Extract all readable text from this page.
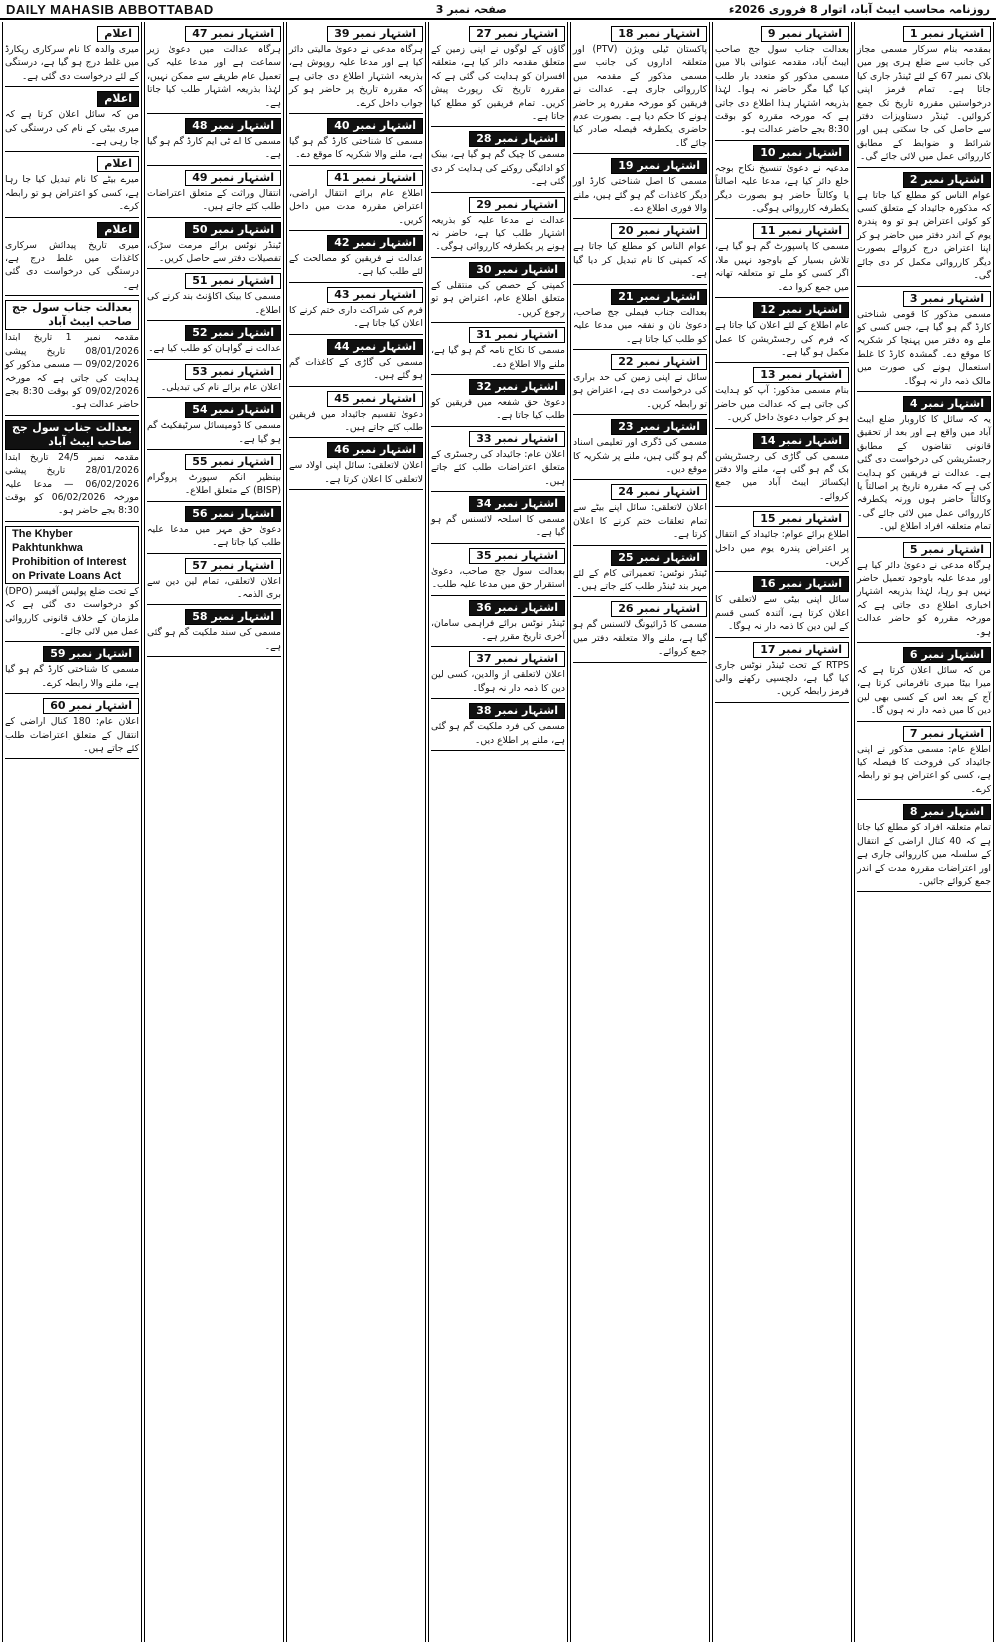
DAILY MAHASIB ABBOTTABAD	صفحہ نمبر 3	روزنامہ محاسب ایبٹ آباد، اتوار 8 فروری 2026ء
اشتہار نمبر 1
بمقدمہ بنام سرکار مسمی مجاز کی جانب سے ضلع ہری پور میں بلاک نمبر 67 کے لئے ٹینڈر جاری کیا جاتا ہے۔ تمام فرمز اپنی درخواستیں مقررہ تاریخ تک جمع کروائیں۔ ٹینڈر دستاویزات دفتر سے حاصل کی جا سکتی ہیں اور شرائط و ضوابط کے مطابق کارروائی عمل میں لائی جائے گی۔
اشتہار نمبر 2
عوام الناس کو مطلع کیا جاتا ہے کہ مذکورہ جائیداد کے متعلق کسی کو کوئی اعتراض ہو تو وہ پندرہ یوم کے اندر دفتر میں حاضر ہو کر اپنا اعتراض درج کروائے بصورت دیگر کارروائی مکمل کر دی جائے گی۔
اشتہار نمبر 3
مسمی مذکور کا قومی شناختی کارڈ گم ہو گیا ہے، جس کسی کو ملے وہ دفتر میں پہنچا کر شکریہ کا موقع دے۔ گمشدہ کارڈ کا غلط استعمال ہونے کی صورت میں مالک ذمہ دار نہ ہوگا۔
اشتہار نمبر 4
یہ کہ سائل کا کاروبار ضلع ایبٹ آباد میں واقع ہے اور بعد از تحقیق قانونی تقاضوں کے مطابق رجسٹریشن کی درخواست دی گئی ہے۔ عدالت نے فریقین کو ہدایت کی ہے کہ مقررہ تاریخ پر اصالتاً یا وکالتاً حاضر ہوں ورنہ یکطرفہ کارروائی عمل میں لائی جائے گی۔ تمام متعلقہ افراد اطلاع لیں۔
اشتہار نمبر 5
ہرگاہ مدعی نے دعویٰ دائر کیا ہے اور مدعا علیہ باوجود تعمیل حاضر نہیں ہو رہا، لہٰذا بذریعہ اشتہار اخباری اطلاع دی جاتی ہے کہ مورخہ مقررہ کو حاضر عدالت ہو۔
اشتہار نمبر 6
من کہ سائل اعلان کرتا ہے کہ میرا بیٹا میری نافرمانی کرتا ہے، آج کے بعد اس کے کسی بھی لین دین کا میں ذمہ دار نہ ہوں گا۔
اشتہار نمبر 7
اطلاع عام: مسمی مذکور نے اپنی جائیداد کی فروخت کا فیصلہ کیا ہے، کسی کو اعتراض ہو تو رابطہ کرے۔
اشتہار نمبر 8
تمام متعلقہ افراد کو مطلع کیا جاتا ہے کہ 40 کنال اراضی کے انتقال کے سلسلہ میں کارروائی جاری ہے اور اعتراضات مقررہ مدت کے اندر جمع کروائے جائیں۔
اشتہار نمبر 9
بعدالت جناب سول جج صاحب ایبٹ آباد، مقدمہ عنوانی بالا میں مسمی مذکور کو متعدد بار طلب کیا گیا مگر حاضر نہ ہوا۔ لہٰذا بذریعہ اشتہار ہذا اطلاع دی جاتی ہے کہ مورخہ مقررہ کو بوقت 8:30 بجے حاضر عدالت ہو۔
اشتہار نمبر 10
مدعیہ نے دعویٰ تنسیخ نکاح بوجہ خلع دائر کیا ہے، مدعا علیہ اصالتاً یا وکالتاً حاضر ہو بصورت دیگر یکطرفہ کارروائی ہوگی۔
اشتہار نمبر 11
مسمی کا پاسپورٹ گم ہو گیا ہے، تلاش بسیار کے باوجود نہیں ملا، اگر کسی کو ملے تو متعلقہ تھانہ میں جمع کروا دے۔
اشتہار نمبر 12
عام اطلاع کے لئے اعلان کیا جاتا ہے کہ فرم کی رجسٹریشن کا عمل مکمل ہو گیا ہے۔
اشتہار نمبر 13
بنام مسمی مذکور: آپ کو ہدایت کی جاتی ہے کہ عدالت میں حاضر ہو کر جواب دعویٰ داخل کریں۔
اشتہار نمبر 14
مسمی کی گاڑی کی رجسٹریشن بک گم ہو گئی ہے، ملنے والا دفتر ایکسائز ایبٹ آباد میں جمع کروائے۔
اشتہار نمبر 15
اطلاع برائے عوام: جائیداد کے انتقال پر اعتراض پندرہ یوم میں داخل کریں۔
اشتہار نمبر 16
سائل اپنی بیٹی سے لاتعلقی کا اعلان کرتا ہے، آئندہ کسی قسم کے لین دین کا ذمہ دار نہ ہوگا۔
اشتہار نمبر 17
RTPS کے تحت ٹینڈر نوٹس جاری کیا گیا ہے، دلچسپی رکھنے والی فرمز رابطہ کریں۔
اشتہار نمبر 18
پاکستان ٹیلی ویژن (PTV) اور متعلقہ اداروں کی جانب سے مسمی مذکور کے مقدمہ میں کارروائی جاری ہے۔ عدالت نے فریقین کو مورخہ مقررہ پر حاضر ہونے کا حکم دیا ہے۔ بصورت عدم حاضری یکطرفہ فیصلہ صادر کیا جائے گا۔
اشتہار نمبر 19
مسمی کا اصل شناختی کارڈ اور دیگر کاغذات گم ہو گئے ہیں، ملنے والا فوری اطلاع دے۔
اشتہار نمبر 20
عوام الناس کو مطلع کیا جاتا ہے کہ کمپنی کا نام تبدیل کر دیا گیا ہے۔
اشتہار نمبر 21
بعدالت جناب فیملی جج صاحب، دعویٰ نان و نفقہ میں مدعا علیہ کو طلب کیا جاتا ہے۔
اشتہار نمبر 22
سائل نے اپنی زمین کی حد براری کی درخواست دی ہے، اعتراض ہو تو رابطہ کریں۔
اشتہار نمبر 23
مسمی کی ڈگری اور تعلیمی اسناد گم ہو گئی ہیں، ملنے پر شکریہ کا موقع دیں۔
اشتہار نمبر 24
اعلان لاتعلقی: سائل اپنے بیٹے سے تمام تعلقات ختم کرنے کا اعلان کرتا ہے۔
اشتہار نمبر 25
ٹینڈر نوٹس: تعمیراتی کام کے لئے مہر بند ٹینڈر طلب کئے جاتے ہیں۔
اشتہار نمبر 26
مسمی کا ڈرائیونگ لائسنس گم ہو گیا ہے، ملنے والا متعلقہ دفتر میں جمع کروائے۔
اشتہار نمبر 27
گاؤں کے لوگوں نے اپنی زمین کے متعلق مقدمہ دائر کیا ہے، متعلقہ افسران کو ہدایت کی گئی ہے کہ مقررہ تاریخ تک رپورٹ پیش کریں۔ تمام فریقین کو مطلع کیا جاتا ہے۔
اشتہار نمبر 28
مسمی کا چیک گم ہو گیا ہے، بینک کو ادائیگی روکنے کی ہدایت کر دی گئی ہے۔
اشتہار نمبر 29
عدالت نے مدعا علیہ کو بذریعہ اشتہار طلب کیا ہے، حاضر نہ ہونے پر یکطرفہ کارروائی ہوگی۔
اشتہار نمبر 30
کمپنی کے حصص کی منتقلی کے متعلق اطلاع عام، اعتراض ہو تو رجوع کریں۔
اشتہار نمبر 31
مسمی کا نکاح نامہ گم ہو گیا ہے، ملنے والا اطلاع دے۔
اشتہار نمبر 32
دعویٰ حق شفعہ میں فریقین کو طلب کیا جاتا ہے۔
اشتہار نمبر 33
اعلان عام: جائیداد کی رجسٹری کے متعلق اعتراضات طلب کئے جاتے ہیں۔
اشتہار نمبر 34
مسمی کا اسلحہ لائسنس گم ہو گیا ہے۔
اشتہار نمبر 35
بعدالت سول جج صاحب، دعویٰ استقرار حق میں مدعا علیہ طلب۔
اشتہار نمبر 36
ٹینڈر نوٹس برائے فراہمی سامان، آخری تاریخ مقرر ہے۔
اشتہار نمبر 37
اعلان لاتعلقی از والدین، کسی لین دین کا ذمہ دار نہ ہوگا۔
اشتہار نمبر 38
مسمی کی فرد ملکیت گم ہو گئی ہے، ملنے پر اطلاع دیں۔
اشتہار نمبر 39
ہرگاہ مدعی نے دعویٰ مالیتی دائر کیا ہے اور مدعا علیہ روپوش ہے، بذریعہ اشتہار اطلاع دی جاتی ہے کہ مقررہ تاریخ پر حاضر ہو کر جواب داخل کرے۔
اشتہار نمبر 40
مسمی کا شناختی کارڈ گم ہو گیا ہے، ملنے والا شکریہ کا موقع دے۔
اشتہار نمبر 41
اطلاع عام برائے انتقال اراضی، اعتراض مقررہ مدت میں داخل کریں۔
اشتہار نمبر 42
عدالت نے فریقین کو مصالحت کے لئے طلب کیا ہے۔
اشتہار نمبر 43
فرم کی شراکت داری ختم کرنے کا اعلان کیا جاتا ہے۔
اشتہار نمبر 44
مسمی کی گاڑی کے کاغذات گم ہو گئے ہیں۔
اشتہار نمبر 45
دعویٰ تقسیم جائیداد میں فریقین طلب کئے جاتے ہیں۔
اشتہار نمبر 46
اعلان لاتعلقی: سائل اپنی اولاد سے لاتعلقی کا اعلان کرتا ہے۔
اشتہار نمبر 47
ہرگاہ عدالت میں دعویٰ زیر سماعت ہے اور مدعا علیہ کی تعمیل عام طریقے سے ممکن نہیں، لہٰذا بذریعہ اشتہار طلب کیا جاتا ہے۔
اشتہار نمبر 48
مسمی کا اے ٹی ایم کارڈ گم ہو گیا ہے۔
اشتہار نمبر 49
انتقال وراثت کے متعلق اعتراضات طلب کئے جاتے ہیں۔
اشتہار نمبر 50
ٹینڈر نوٹس برائے مرمت سڑک، تفصیلات دفتر سے حاصل کریں۔
اشتہار نمبر 51
مسمی کا بینک اکاؤنٹ بند کرنے کی اطلاع۔
اشتہار نمبر 52
عدالت نے گواہان کو طلب کیا ہے۔
اشتہار نمبر 53
اعلان عام برائے نام کی تبدیلی۔
اشتہار نمبر 54
مسمی کا ڈومیسائل سرٹیفکیٹ گم ہو گیا ہے۔
اشتہار نمبر 55
بینظیر انکم سپورٹ پروگرام (BISP) کے متعلق اطلاع۔
اشتہار نمبر 56
دعویٰ حق مہر میں مدعا علیہ طلب کیا جاتا ہے۔
اشتہار نمبر 57
اعلان لاتعلقی، تمام لین دین سے بری الذمہ۔
اشتہار نمبر 58
مسمی کی سند ملکیت گم ہو گئی ہے۔
اعلام
میری والدہ کا نام سرکاری ریکارڈ میں غلط درج ہو گیا ہے، درستگی کے لئے درخواست دی گئی ہے۔
اعلام
من کہ سائل اعلان کرتا ہے کہ میری بیٹی کے نام کی درستگی کی جا رہی ہے۔
اعلام
میرے بیٹے کا نام تبدیل کیا جا رہا ہے، کسی کو اعتراض ہو تو رابطہ کرے۔
اعلام
میری تاریخ پیدائش سرکاری کاغذات میں غلط درج ہے، درستگی کی درخواست دی گئی ہے۔
بعدالت جناب سول جج صاحب ایبٹ آباد
مقدمہ نمبر 1 تاریخ ابتدا 08/01/2026 تاریخ پیشی 09/02/2026 — مسمی مذکور کو ہدایت کی جاتی ہے کہ مورخہ 09/02/2026 کو بوقت 8:30 بجے حاضر عدالت ہو۔
بعدالت جناب سول جج صاحب ایبٹ آباد
مقدمہ نمبر 24/5 تاریخ ابتدا 28/01/2026 تاریخ پیشی 06/02/2026 — مدعا علیہ مورخہ 06/02/2026 کو بوقت 8:30 بجے حاضر ہو۔
The Khyber Pakhtunkhwa Prohibition of Interest on Private Loans Act
کے تحت ضلع پولیس آفیسر (DPO) کو درخواست دی گئی ہے کہ ملزمان کے خلاف قانونی کارروائی عمل میں لائی جائے۔
اشتہار نمبر 59
مسمی کا شناختی کارڈ گم ہو گیا ہے، ملنے والا رابطہ کرے۔
اشتہار نمبر 60
اعلان عام: 180 کنال اراضی کے انتقال کے متعلق اعتراضات طلب کئے جاتے ہیں۔
